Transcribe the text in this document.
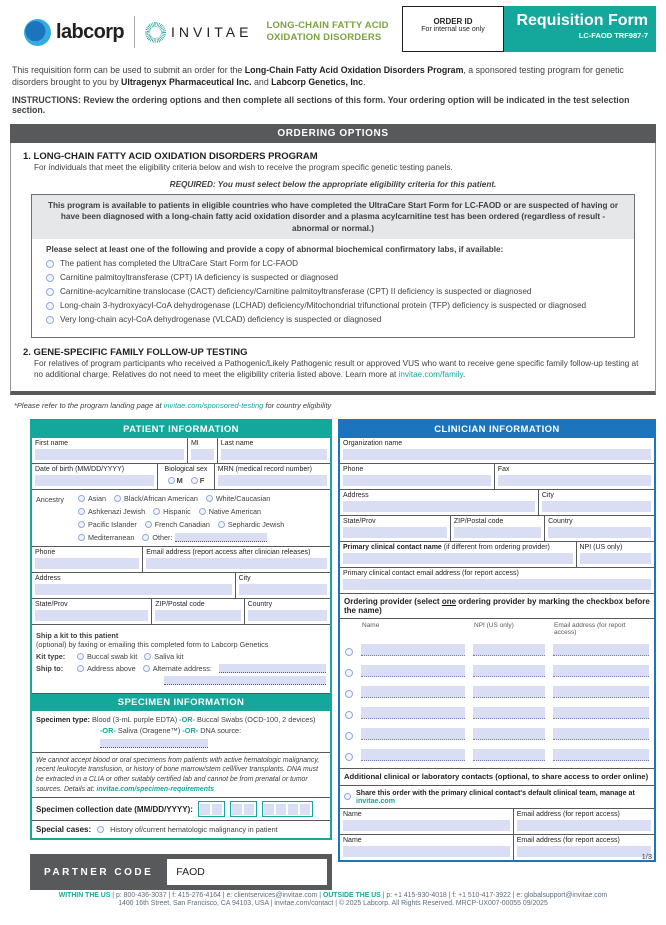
labcorp	INVITAE LONG-CHAIN FATTY ACID
OXIDATION DISORDERS
ORDER ID
For internal use only
Requisition Form
LC-FAOD TRF987-7

This requisition form can be used to submit an order for the Long-Chain Fatty Acid Oxidation Disorders Program, a sponsored testing program for genetic disorders brought to you by Ultragenyx Pharmaceutical Inc. and Labcorp Genetics, Inc.

INSTRUCTIONS: Review the ordering options and then complete all sections of this form. Your ordering option will be indicated in the test selection section.

ORDERING OPTIONS
1. LONG-CHAIN FATTY ACID OXIDATION DISORDERS PROGRAM

For individuals that meet the eligibility criteria below and wish to receive the program specific genetic testing panels.

REQUIRED: You must select below the appropriate eligibility criteria for this patient.

This program is available to patients in eligible countries who have completed the UltraCare Start Form for LC-FAOD or are suspected of having or have been diagnosed with a long-chain fatty acid oxidation disorder and a plasma acylcarnitine test has been ordered (regardless of result - abnormal or normal.)

Please select at least one of the following and provide a copy of abnormal biochemical confirmatory labs, if available:

The patient has completed the UltraCare Start Form for LC-FAOD
Carnitine palmitoyltransferase (CPT) IA deficiency is suspected or diagnosed
Carnitine-acylcarnitine translocase (CACT) deficiency/Carnitine palmitoyltransferase (CPT) II deficiency is suspected or diagnosed
Long-chain 3-hydroxyacyl-CoA dehydrogenase (LCHAD) deficiency/Mitochondrial trifunctional protein (TFP) deficiency is suspected or diagnosed
Very long-chain acyl-CoA dehydrogenase (VLCAD) deficiency is suspected or diagnosed
2. GENE-SPECIFIC FAMILY FOLLOW-UP TESTING

For relatives of program participants who received a Pathogenic/Likely Pathogenic result or approved VUS who want to receive gene specific family follow-up testing at no additional charge. Relatives do not need to meet the eligibility criteria listed above. Learn more at invitae.com/family.

*Please refer to the program landing page at invitae.com/sponsored-testing for country eligibility

PATIENT INFORMATION
First name	MI	Last name
Date of birth (MM/DD/YYYY)	Biological sex
M F
MRN (medical record number)
Ancestry	Asian	Black/African American	White/Caucasian
Ashkenazi Jewish	Hispanic	Native American
Pacific Islander	French Canadian	Sephardic Jewish
Mediterranean	Other:
Phone	Email address (report access after clinician releases)
Address	City
State/Prov	ZIP/Postal code	Country
Ship a kit to this patient
(optional) by faxing or emailing this completed form to Labcorp Genetics
Kit type:	Buccal swab kit Saliva kit
Ship to:	Address above Alternate address:
SPECIMEN INFORMATION
Specimen type: Blood (3-mL purple EDTA) -OR- Buccal Swabs (OCD-100, 2 devices)
-OR- Saliva (Oragene™) -OR- DNA source:
We cannot accept blood or oral specimens from patients with active hematologic malignancy, recent leukocyte transfusion, or history of bone marrow/stem cell/liver transplants. DNA must be extracted in a CLIA or other suitably certified lab and cannot be from prenatal or tumor sources. Details at: invitae.com/specimen-requirements
Specimen collection date (MM/DD/YYYY):
Special cases:	History of/current hematologic malignancy in patient
PARTNER CODE	FAOD
CLINICIAN INFORMATION
Organization name
Phone	Fax
Address	City
State/Prov	ZIP/Postal code	Country
Primary clinical contact name (if different from ordering provider)	NPI (US only)
Primary clinical contact email address (for report access)
Ordering provider (select one ordering provider by marking the checkbox before the name)
Name	NPI (US only)	Email address (for report access)
Additional clinical or laboratory contacts (optional, to share access to order online)
Share this order with the primary clinical contact's default clinical team, manage at invitae.com
Name	Email address (for report access)
Name	Email address (for report access)
WITHIN THE US | p: 800-436-3037 | f: 415-276-4164 | e: clientservices@invitae.com | OUTSIDE THE US | p: +1 415-930-4018 | f: +1 510-417-3922 | e: globalsupport@invitae.com
1400 16th Street, San Francisco, CA 94103, USA | invitae.com/contact | © 2025 Labcorp. All Rights Reserved. MRCP-UX007-00055 09/2025
1/3
